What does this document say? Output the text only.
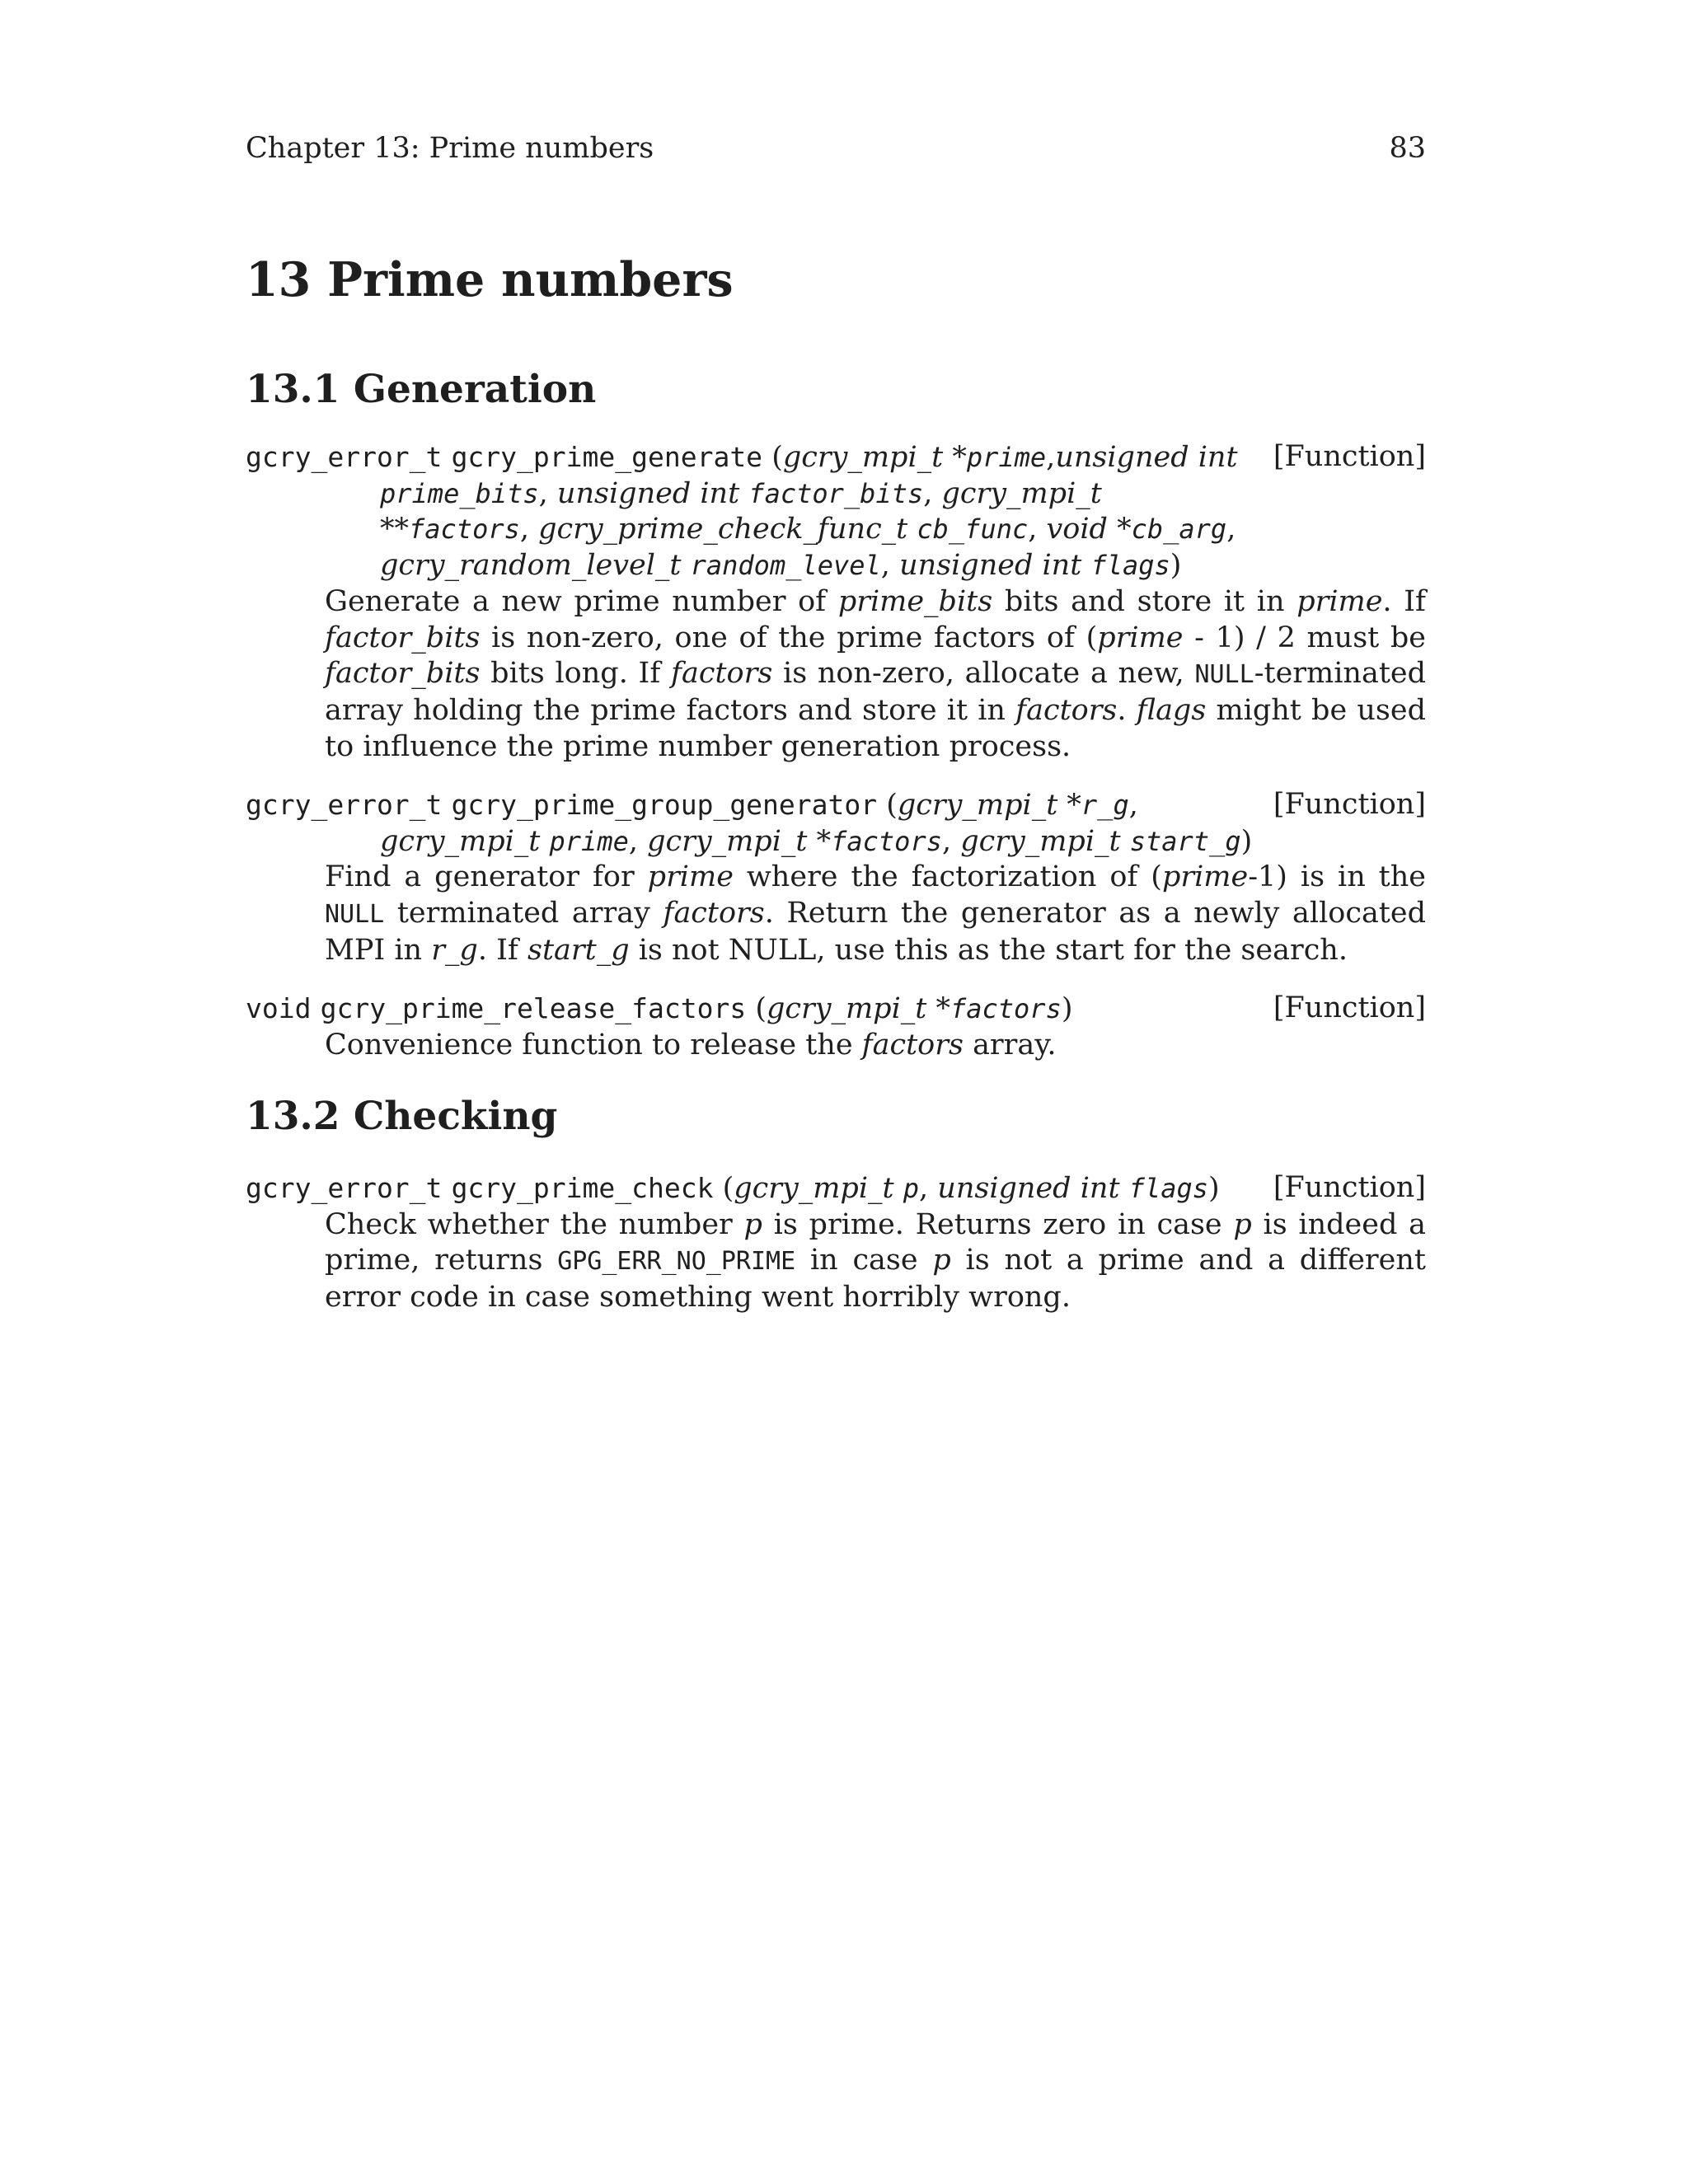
Chapter 13: Prime numbers	83
13 Prime numbers
13.1 Generation
gcry_error_t gcry_prime_generate (gcry_mpi_t *prime,unsigned int prime_bits, unsigned int factor_bits, gcry_mpi_t **factors, gcry_prime_check_func_t cb_func, void *cb_arg, gcry_random_level_t random_level, unsigned int flags)
[Function]
Generate a new prime number of prime_bits bits and store it in prime. If factor_bits is non-zero, one of the prime factors of (prime - 1) / 2 must be factor_bits bits long. If factors is non-zero, allocate a new, NULL-terminated array holding the prime factors and store it in factors. flags might be used to influence the prime number generation process.
gcry_error_t gcry_prime_group_generator (gcry_mpi_t *r_g, gcry_mpi_t prime, gcry_mpi_t *factors, gcry_mpi_t start_g)
[Function]
Find a generator for prime where the factorization of (prime-1) is in the NULL terminated array factors. Return the generator as a newly allocated MPI in r_g. If start_g is not NULL, use this as the start for the search.
void gcry_prime_release_factors (gcry_mpi_t *factors)	[Function]
Convenience function to release the factors array.
13.2 Checking
gcry_error_t gcry_prime_check (gcry_mpi_t p, unsigned int flags) [Function]
Check whether the number p is prime. Returns zero in case p is indeed a prime, returns GPG_ERR_NO_PRIME in case p is not a prime and a different error code in case something went horribly wrong.
